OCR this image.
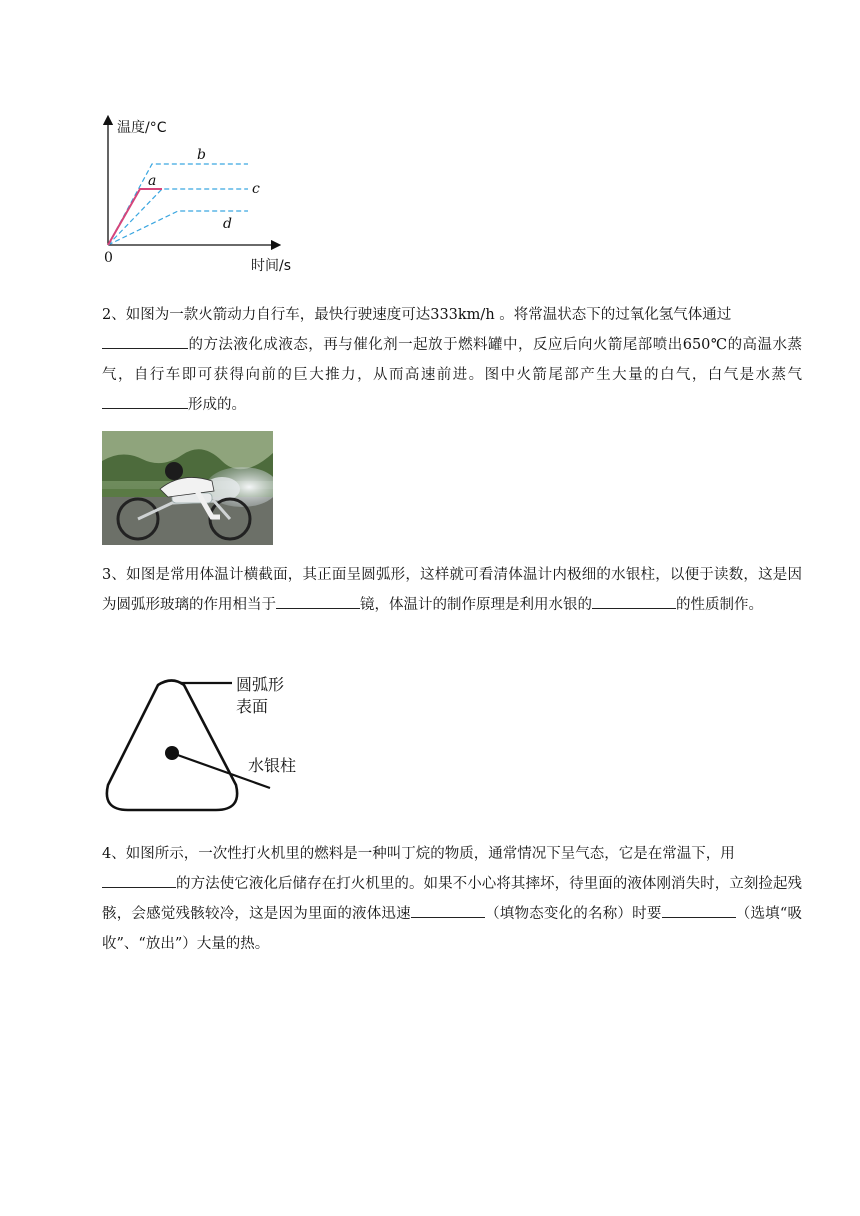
温度/°C
时间/s
0
b
a	c
d

2、如图为一款火箭动力自行车，最快行驶速度可达333km/h 。将常温状态下的过氧化氢气体通过
的方法液化成液态，再与催化剂一起放于燃料罐中，反应后向火箭尾部喷出650℃的高温水蒸气，自行车即可获得向前的巨大推力，从而高速前进。图中火箭尾部产生大量的白气，白气是水蒸气形成的。

3、如图是常用体温计横截面，其正面呈圆弧形，这样就可看清体温计内极细的水银柱，以便于读数，这是因为圆弧形玻璃的作用相当于	镜，体温计的制作原理是利用水银的	的性质制作。

圆弧形
表面
水银柱

4、如图所示，一次性打火机里的燃料是一种叫丁烷的物质，通常情况下呈气态，它是在常温下，用
的方法使它液化后储存在打火机里的。如果不小心将其摔坏，待里面的液体刚消失时，立刻捡起残骸，会感觉残骸较冷，这是因为里面的液体迅速	（填物态变化的名称）时要	（选填“吸收”、“放出”）大量的热。
